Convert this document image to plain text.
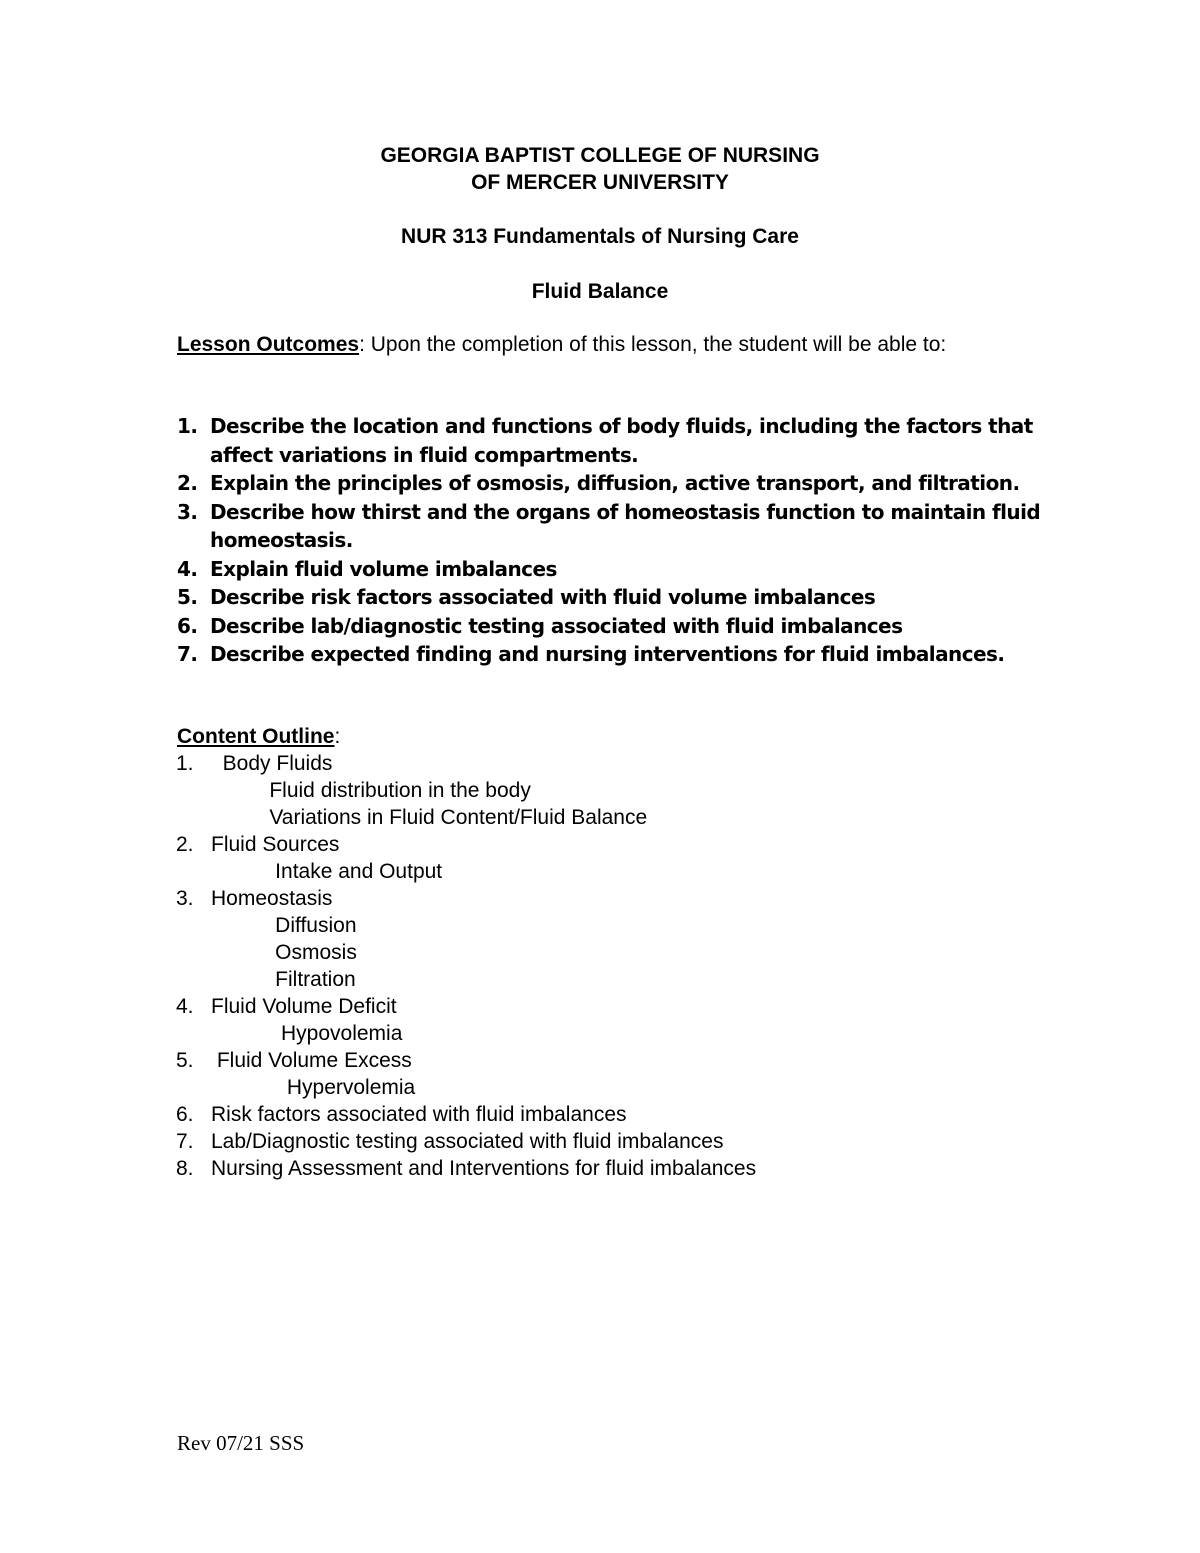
GEORGIA BAPTIST COLLEGE OF NURSING

OF MERCER UNIVERSITY

NUR 313 Fundamentals of Nursing Care

Fluid Balance

Lesson Outcomes: Upon the completion of this lesson, the student will be able to:

1. Describe the location and functions of body fluids, including the factors that affect variations in fluid compartments.
2. Explain the principles of osmosis, diffusion, active transport, and filtration.
3. Describe how thirst and the organs of homeostasis function to maintain fluid homeostasis.
4. Explain fluid volume imbalances
5. Describe risk factors associated with fluid volume imbalances
6. Describe lab/diagnostic testing associated with fluid imbalances
7. Describe expected finding and nursing interventions for fluid imbalances.

Content Outline:

1.  Body Fluids
Fluid distribution in the body
Variations in Fluid Content/Fluid Balance
2. Fluid Sources
Intake and Output
3. Homeostasis
Diffusion
Osmosis
Filtration
4. Fluid Volume Deficit
Hypovolemia
5. Fluid Volume Excess
Hypervolemia
6. Risk factors associated with fluid imbalances
7. Lab/Diagnostic testing associated with fluid imbalances
8. Nursing Assessment and Interventions for fluid imbalances

Rev 07/21 SSS
